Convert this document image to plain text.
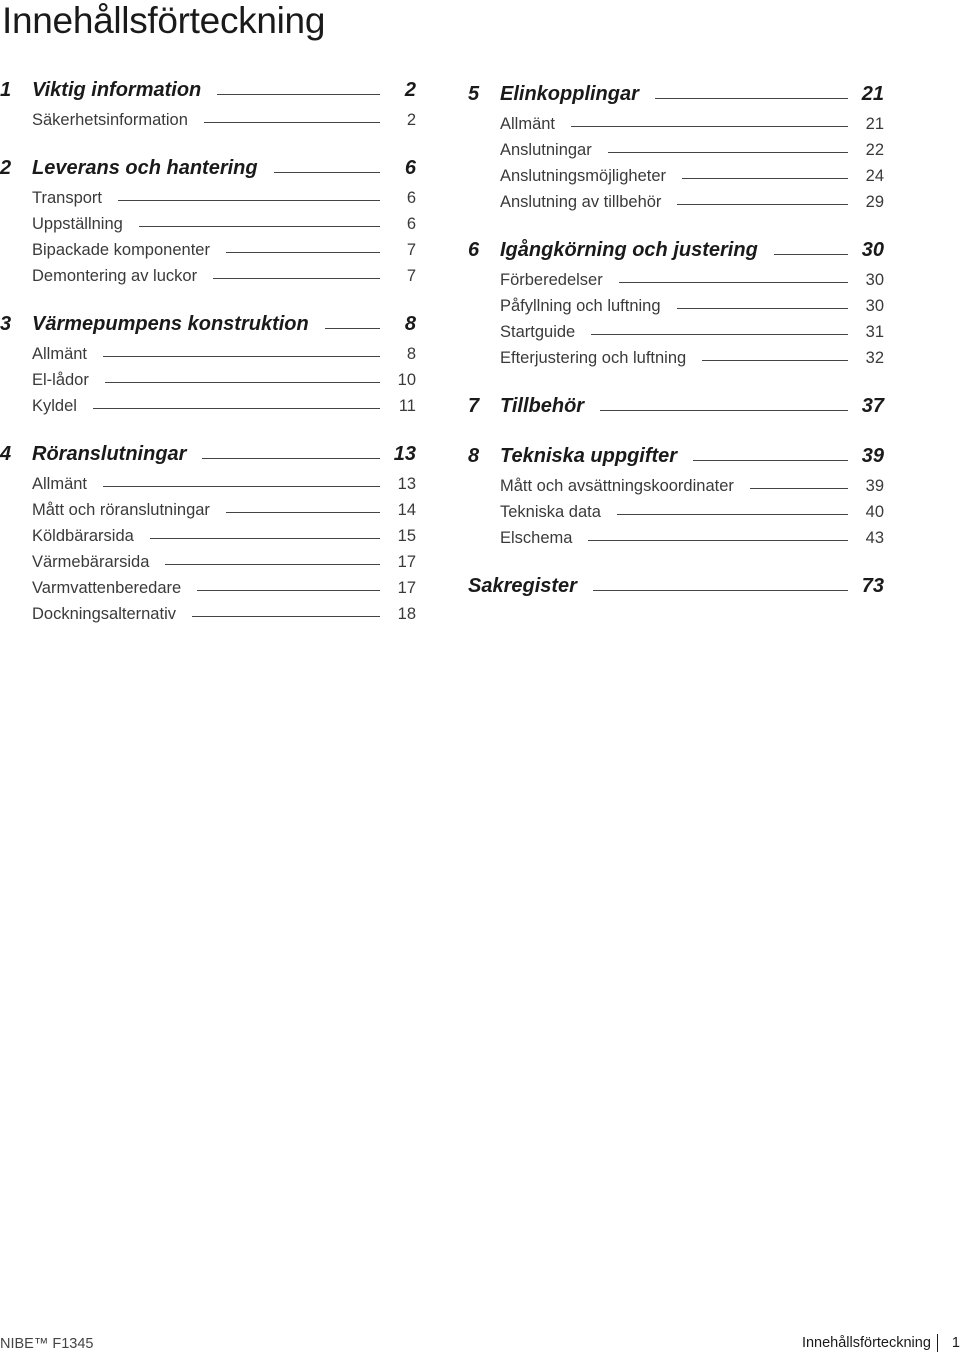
Innehållsförteckning
1	Viktig information	2
Säkerhetsinformation	2
2	Leverans och hantering	6
Transport	6
Uppställning	6
Bipackade komponenter	7
Demontering av luckor	7
3	Värmepumpens konstruktion	8
Allmänt	8
El-lådor	10
Kyldel	11
4	Röranslutningar	13
Allmänt	13
Mått och röranslutningar	14
Köldbärarsida	15
Värmebärarsida	17
Varmvattenberedare	17
Dockningsalternativ	18
5	Elinkopplingar	21
Allmänt	21
Anslutningar	22
Anslutningsmöjligheter	24
Anslutning av tillbehör	29
6	Igångkörning och justering	30
Förberedelser	30
Påfyllning och luftning	30
Startguide	31
Efterjustering och luftning	32
7	Tillbehör	37
8	Tekniska uppgifter	39
Mått och avsättningskoordinater	39
Tekniska data	40
Elschema	43
Sakregister	73
NIBE™ F1345	Innehållsförteckning 1
